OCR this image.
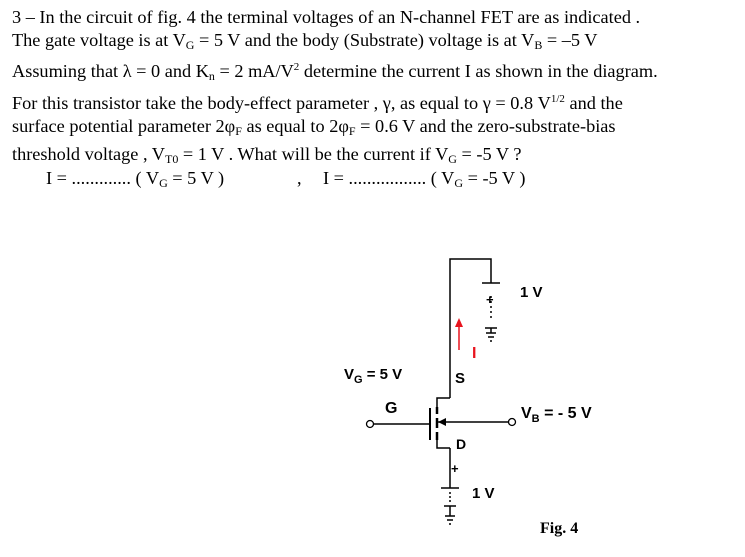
3 – In the circuit of fig. 4 the terminal voltages of an N-channel FET are as indicated .
The gate voltage is at $V_G = 5$ V and the body (Substrate) voltage is at $V_B = -5$ V
Assuming that λ = 0 and $K_n = 2$ $mA/V^2$ determine the current I as shown in the diagram.
For this transistor take the body-effect parameter , γ, as equal to γ = 0.8 $V^{1/2}$ and the
surface potential parameter $2\varphi_F$ as equal to $2\varphi_F = 0.6$ V and the zero-substrate-bias
threshold voltage , $V_{T0} = 1$ V . What will be the current if $V_G = -5$ V ?
I = ............. ( $V_G = 5$ V )	, I = ................. ( $V_G = -5$ V )
+ 1 V
I
$V_G = 5$ V	S
G	$V_B$ = - 5 V
D
+
1 V
Fig. 4
